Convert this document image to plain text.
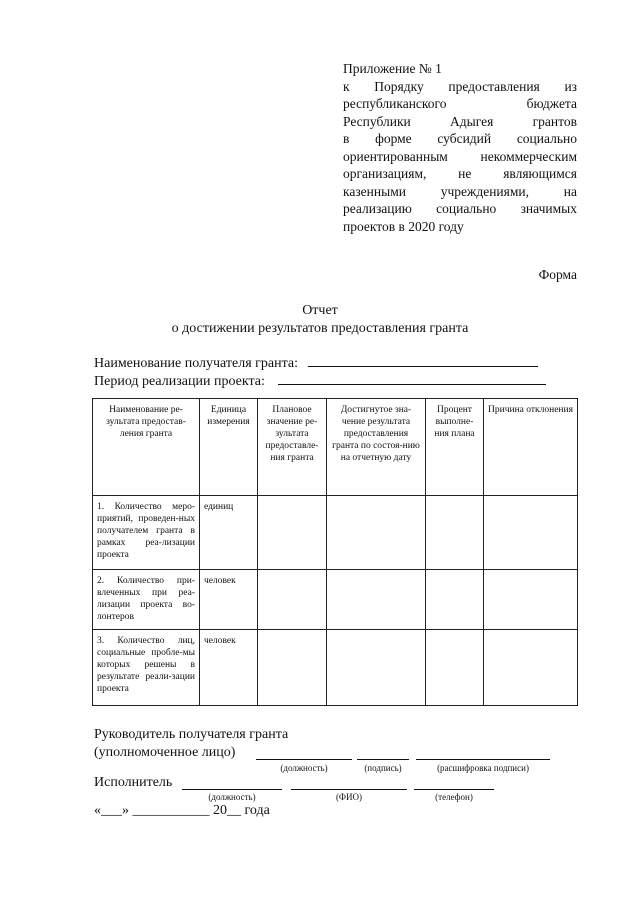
Приложение № 1
к Порядку предоставления из
республиканского бюджета
Республики Адыгея грантов
в форме субсидий социально
ориентированным некоммерческим
организациям, не являющимся
казенными учреждениями, на
реализацию социально значимых
проектов в 2020 году
Форма
Отчет
о достижении результатов предоставления гранта
Наименование получателя гранта:
Период реализации проекта:
Наименование ре-зультата предостав-ления гранта	Единица измерения	Плановое значение ре-зультата предоставле-ния гранта	Достигнутое зна-чение результата предоставления гранта по состоя-нию на отчетную дату	Процент выполне-ния плана	Причина отклонения
1. Количество меро-приятий, проведен-ных получателем гранта в рамках реа-лизации проекта	единиц				
2. Количество при-влеченных при реа-лизации проекта во-лонтеров	человек				
3. Количество лиц, социальные пробле-мы которых решены в результате реали-зации проекта	человек				
Руководитель получателя гранта
(уполномоченное лицо)
(должность)	(подпись)	(расшифровка подписи)
Исполнитель
(должность)	(ФИО)	(телефон)
«___» ___________ 20__ года
